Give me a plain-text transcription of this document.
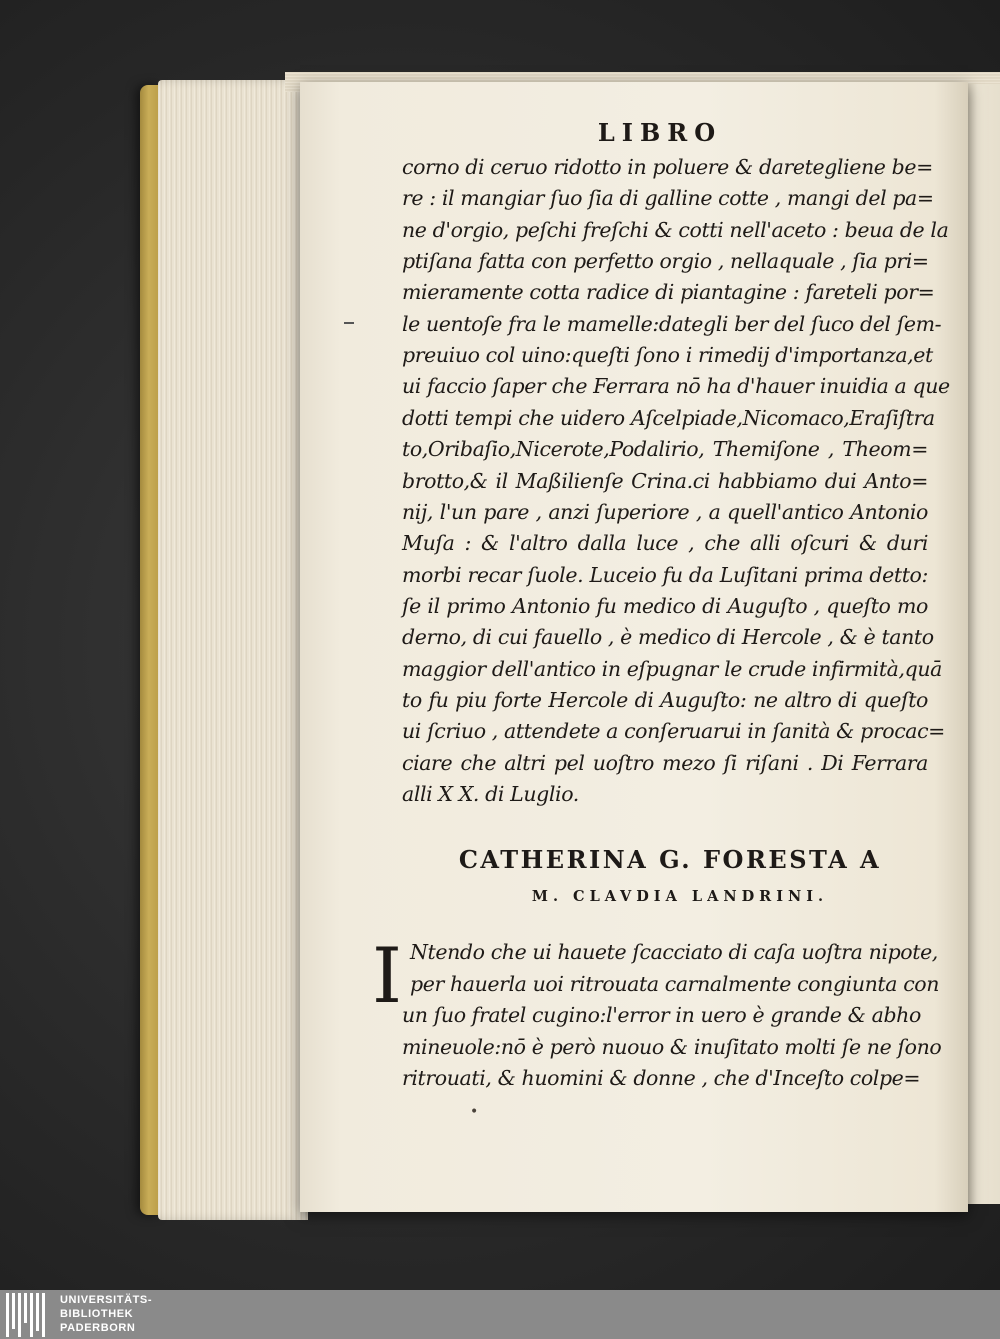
LIBRO
corno di ceruo ridotto in poluere & daretegliene be=
re : il mangiar ſuo ſia di galline cotte , mangi del pa=
ne d'orgio, peſchi freſchi & cotti nell'aceto : beua de la
ptiſana fatta con perfetto orgio , nellaquale , ſia pri=
mieramente cotta radice di piantagine : fareteli por=
le uentoſe fra le mamelle:dategli ber del ſuco del ſem-
preuiuo col uino:queſti ſono i rimedij d'importanza,et
ui faccio ſaper che Ferrara nō ha d'hauer inuidia a que
dotti tempi che uidero Aſcelpiade,Nicomaco,Eraſiſtra
to,Oribaſio,Nicerote,Podalirio, Themiſone , Theom=
brotto,& il Maßilienſe Crina.ci habbiamo dui Anto=
nij, l'un pare , anzi ſuperiore , a quell'antico Antonio
Muſa : & l'altro dalla luce , che alli oſcuri & duri
morbi recar ſuole. Luceio fu da Luſitani prima detto:
ſe il primo Antonio fu medico di Auguſto , queſto mo
derno, di cui fauello , è medico di Hercole , & è tanto
maggior dell'antico in eſpugnar le crude infirmità,quā
to fu piu forte Hercole di Auguſto: ne altro di queſto
ui ſcriuo , attendete a conſeruarui in ſanità & procac=
ciare che altri pel uoſtro mezo ſi riſani . Di Ferrara
alli X X. di Luglio.
CATHERINA G. FORESTA A
M. CLAVDIA LANDRINI.
I Ntendo che ui hauete ſcacciato di caſa uoſtra nipote,
per hauerla uoi ritrouata carnalmente congiunta con
un ſuo fratel cugino:l'error in uero è grande & abho
mineuole:nō è però nuouo & inuſitato molti ſe ne ſono
ritrouati, & huomini & donne , che d'Inceſto colpe=
•
UNIVERSITÄTS-
BIBLIOTHEK
PADERBORN
